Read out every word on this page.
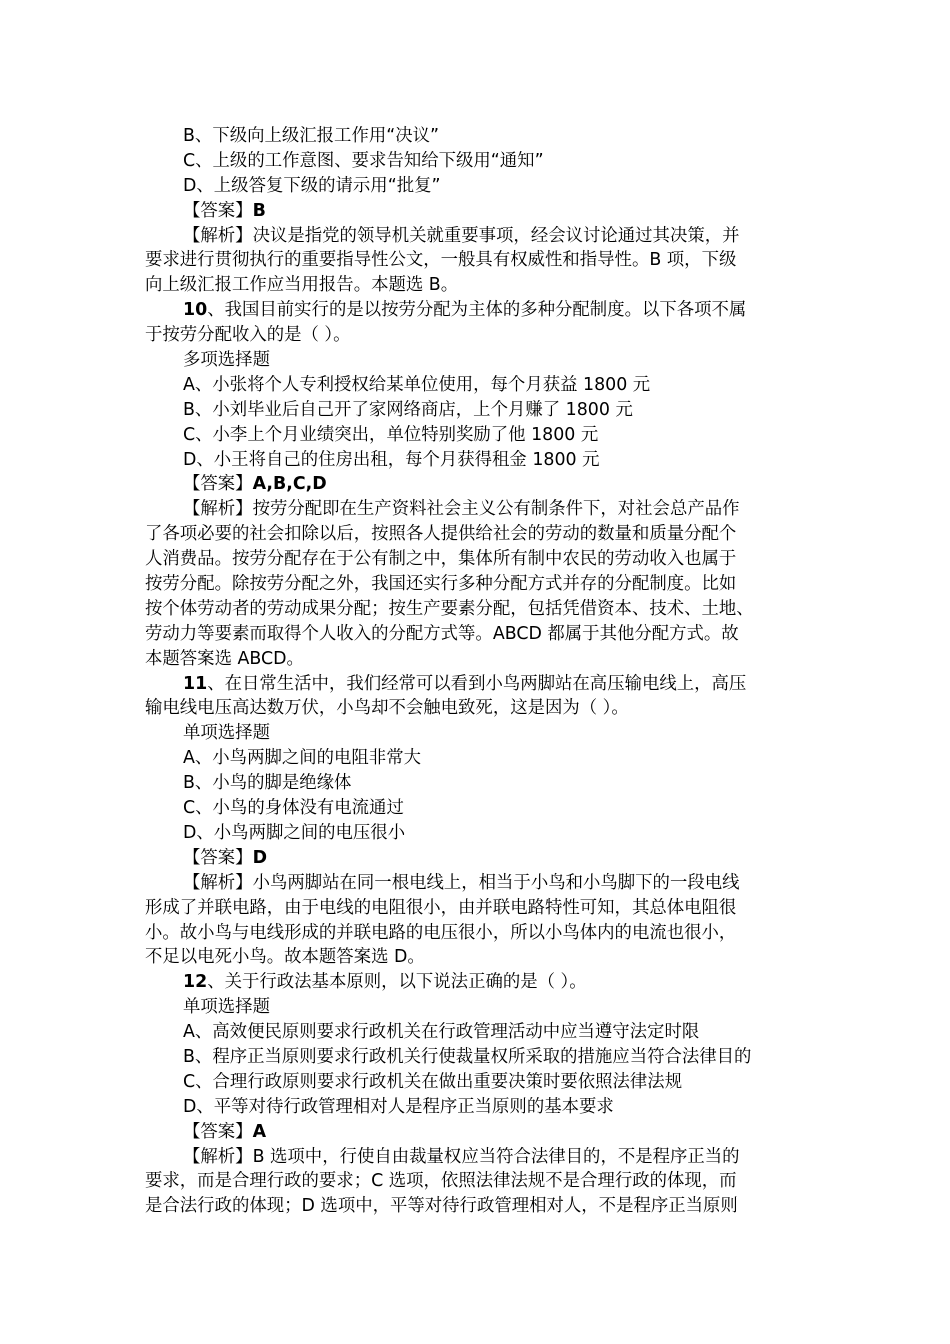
B、下级向上级汇报工作用“决议”
C、上级的工作意图、要求告知给下级用“通知”
D、上级答复下级的请示用“批复”
【答案】B
【解析】决议是指党的领导机关就重要事项，经会议讨论通过其决策，并
要求进行贯彻执行的重要指导性公文，一般具有权威性和指导性。B 项，下级
向上级汇报工作应当用报告。本题选 B。
10、我国目前实行的是以按劳分配为主体的多种分配制度。以下各项不属
于按劳分配收入的是（ ）。
多项选择题
A、小张将个人专利授权给某单位使用，每个月获益 1800 元
B、小刘毕业后自己开了家网络商店，上个月赚了 1800 元
C、小李上个月业绩突出，单位特别奖励了他 1800 元
D、小王将自己的住房出租，每个月获得租金 1800 元
【答案】A,B,C,D
【解析】按劳分配即在生产资料社会主义公有制条件下，对社会总产品作
了各项必要的社会扣除以后，按照各人提供给社会的劳动的数量和质量分配个
人消费品。按劳分配存在于公有制之中，集体所有制中农民的劳动收入也属于
按劳分配。除按劳分配之外，我国还实行多种分配方式并存的分配制度。比如
按个体劳动者的劳动成果分配；按生产要素分配，包括凭借资本、技术、土地、
劳动力等要素而取得个人收入的分配方式等。ABCD 都属于其他分配方式。故
本题答案选 ABCD。
11、在日常生活中，我们经常可以看到小鸟两脚站在高压输电线上，高压
输电线电压高达数万伏，小鸟却不会触电致死，这是因为（ ）。
单项选择题
A、小鸟两脚之间的电阻非常大
B、小鸟的脚是绝缘体
C、小鸟的身体没有电流通过
D、小鸟两脚之间的电压很小
【答案】D
【解析】小鸟两脚站在同一根电线上，相当于小鸟和小鸟脚下的一段电线
形成了并联电路，由于电线的电阻很小，由并联电路特性可知，其总体电阻很
小。故小鸟与电线形成的并联电路的电压很小，所以小鸟体内的电流也很小，
不足以电死小鸟。故本题答案选 D。
12、关于行政法基本原则，以下说法正确的是（ ）。
单项选择题
A、高效便民原则要求行政机关在行政管理活动中应当遵守法定时限
B、程序正当原则要求行政机关行使裁量权所采取的措施应当符合法律目的
C、合理行政原则要求行政机关在做出重要决策时要依照法律法规
D、平等对待行政管理相对人是程序正当原则的基本要求
【答案】A
【解析】B 选项中，行使自由裁量权应当符合法律目的，不是程序正当的
要求，而是合理行政的要求；C 选项，依照法律法规不是合理行政的体现，而
是合法行政的体现；D 选项中，平等对待行政管理相对人，不是程序正当原则
